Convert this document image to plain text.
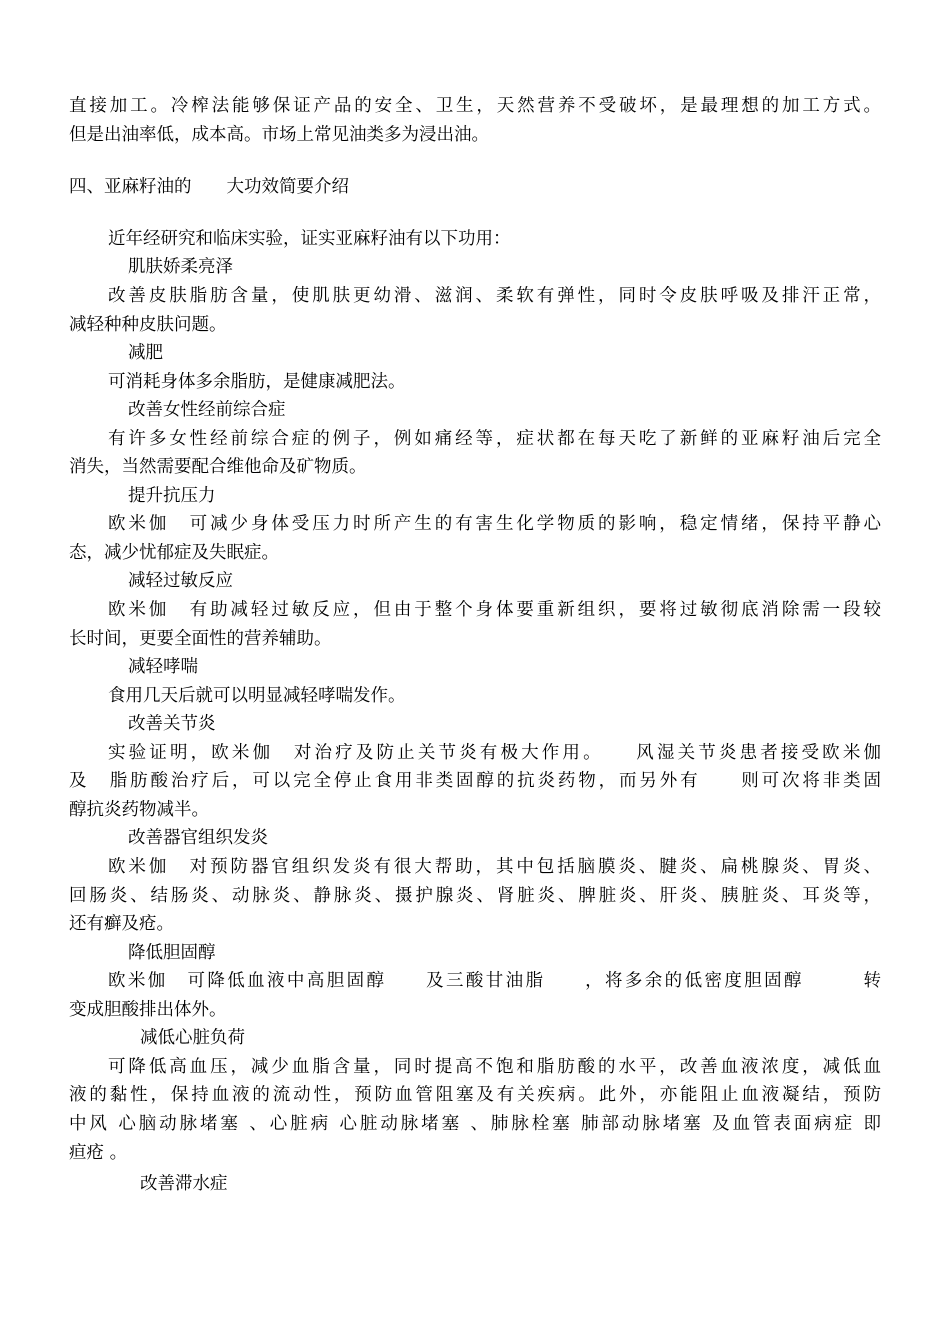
直接加工。冷榨法能够保证产品的安全、卫生，天然营养不受破坏，是最理想的加工方式。
但是出油率低，成本高。市场上常见油类多为浸出油。
四、亚麻籽油的　　大功效简要介绍
近年经研究和临床实验，证实亚麻籽油有以下功用：
肌肤娇柔亮泽
改善皮肤脂肪含量，使肌肤更幼滑、滋润、柔软有弹性，同时令皮肤呼吸及排汗正常，
减轻种种皮肤问题。
减肥
可消耗身体多余脂肪，是健康减肥法。
改善女性经前综合症
有许多女性经前综合症的例子，例如痛经等，症状都在每天吃了新鲜的亚麻籽油后完全
消失，当然需要配合维他命及矿物质。
提升抗压力
欧米伽　可减少身体受压力时所产生的有害生化学物质的影响，稳定情绪，保持平静心
态，减少忧郁症及失眠症。
减轻过敏反应
欧米伽　有助减轻过敏反应，但由于整个身体要重新组织，要将过敏彻底消除需一段较
长时间，更要全面性的营养辅助。
减轻哮喘
食用几天后就可以明显减轻哮喘发作。
改善关节炎
实验证明，欧米伽　对治疗及防止关节炎有极大作用。　　风湿关节炎患者接受欧米伽
及　脂肪酸治疗后，可以完全停止食用非类固醇的抗炎药物，而另外有　　则可次将非类固
醇抗炎药物减半。
改善器官组织发炎
欧米伽　对预防器官组织发炎有很大帮助，其中包括脑膜炎、腱炎、扁桃腺炎、胃炎、
回肠炎、结肠炎、动脉炎、静脉炎、摄护腺炎、肾脏炎、脾脏炎、肝炎、胰脏炎、耳炎等，
还有癣及疮。
降低胆固醇
欧米伽　可降低血液中高胆固醇　　及三酸甘油脂　　，将多余的低密度胆固醇　　　转
变成胆酸排出体外。
减低心脏负荷
可降低高血压，减少血脂含量，同时提高不饱和脂肪酸的水平，改善血液浓度，减低血
液的黏性，保持血液的流动性，预防血管阻塞及有关疾病。此外，亦能阻止血液凝结，预防
中风 心脑动脉堵塞 、心脏病 心脏动脉堵塞 、肺脉栓塞 肺部动脉堵塞 及血管表面病症 即
疸疮 。
改善滞水症
